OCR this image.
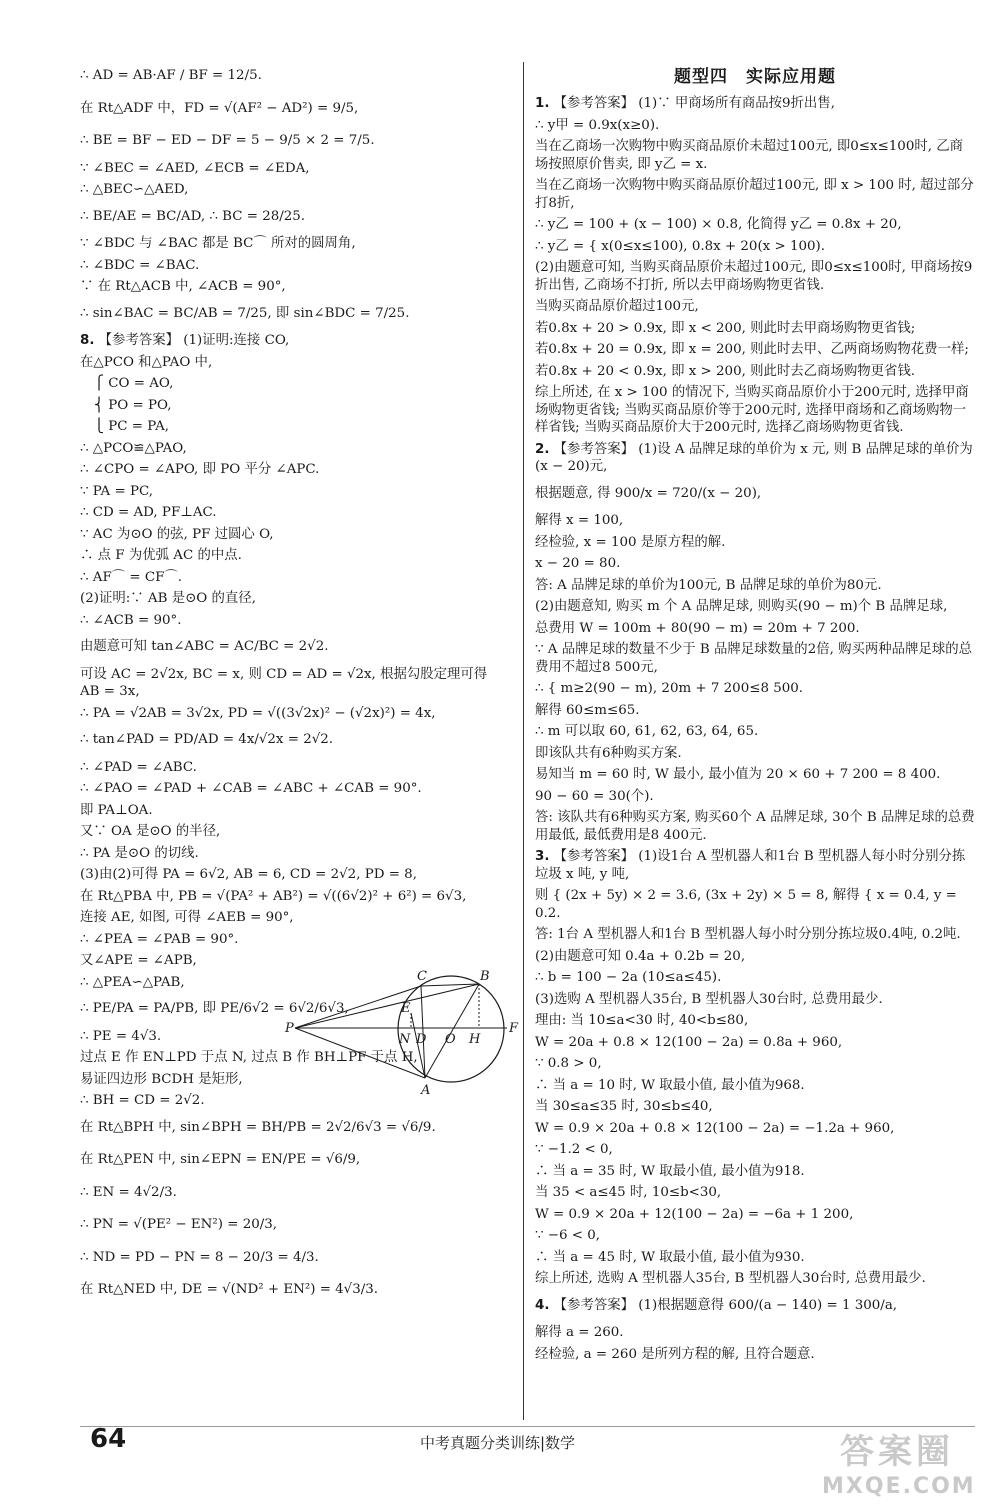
∴ AD = AB·AF / BF = 12/5.

在 Rt△ADF 中，FD = √(AF² − AD²) = 9/5,

∴ BE = BF − ED − DF = 5 − 9/5 × 2 = 7/5.

∵ ∠BEC = ∠AED, ∠ECB = ∠EDA,

∴ △BEC∽△AED,

∴ BE/AE = BC/AD, ∴ BC = 28/25.

∵ ∠BDC 与 ∠BAC 都是 BC⌒ 所对的圆周角,

∴ ∠BDC = ∠BAC.

∵ 在 Rt△ACB 中, ∠ACB = 90°,

∴ sin∠BAC = BC/AB = 7/25, 即 sin∠BDC = 7/25.

8. 【参考答案】 (1)证明:连接 CO,

在△PCO 和△PAO 中,

⎧ CO = AO,

⎨ PO = PO,

⎩ PC = PA,

∴ △PCO≌△PAO,

∴ ∠CPO = ∠APO, 即 PO 平分 ∠APC.

∵ PA = PC,

∴ CD = AD, PF⊥AC.

∵ AC 为⊙O 的弦, PF 过圆心 O,

∴ 点 F 为优弧 AC 的中点.

∴ AF⌒ = CF⌒.

(2)证明:∵ AB 是⊙O 的直径,

∴ ∠ACB = 90°.

由题意可知 tan∠ABC = AC/BC = 2√2.

可设 AC = 2√2x, BC = x, 则 CD = AD = √2x, 根据勾股定理可得 AB = 3x,

∴ PA = √2AB = 3√2x, PD = √((3√2x)² − (√2x)²) = 4x,

∴ tan∠PAD = PD/AD = 4x/√2x = 2√2.

∴ ∠PAD = ∠ABC.

∴ ∠PAO = ∠PAD + ∠CAB = ∠ABC + ∠CAB = 90°.

即 PA⊥OA.

又∵ OA 是⊙O 的半径,

∴ PA 是⊙O 的切线.

(3)由(2)可得 PA = 6√2, AB = 6, CD = 2√2, PD = 8,

在 Rt△PBA 中, PB = √(PA² + AB²) = √((6√2)² + 6²) = 6√3,

连接 AE, 如图, 可得 ∠AEB = 90°,

∴ ∠PEA = ∠PAB = 90°.

又∠APE = ∠APB,

∴ △PEA∽△PAB,

∴ PE/PA = PA/PB, 即 PE/6√2 = 6√2/6√3,

∴ PE = 4√3.

过点 E 作 EN⊥PD 于点 N, 过点 B 作 BH⊥PF 于点 H,

易证四边形 BCDH 是矩形,

∴ BH = CD = 2√2.

在 Rt△BPH 中, sin∠BPH = BH/PB = 2√2/6√3 = √6/9.

在 Rt△PEN 中, sin∠EPN = EN/PE = √6/9,

∴ EN = 4√2/3.

∴ PN = √(PE² − EN²) = 20/3,

∴ ND = PD − PN = 8 − 20/3 = 4/3.

在 Rt△NED 中, DE = √(ND² + EN²) = 4√3/3.

题型四　实际应用题

1. 【参考答案】 (1)∵ 甲商场所有商品按9折出售,

∴ y甲 = 0.9x(x≥0).

当在乙商场一次购物中购买商品原价未超过100元, 即0≤x≤100时, 乙商场按照原价售卖, 即 y乙 = x.

当在乙商场一次购物中购买商品原价超过100元, 即 x > 100 时, 超过部分打8折,

∴ y乙 = 100 + (x − 100) × 0.8, 化简得 y乙 = 0.8x + 20,

∴ y乙 = { x(0≤x≤100), 0.8x + 20(x > 100).

(2)由题意可知, 当购买商品原价未超过100元, 即0≤x≤100时, 甲商场按9折出售, 乙商场不打折, 所以去甲商场购物更省钱.

当购买商品原价超过100元,

若0.8x + 20 > 0.9x, 即 x < 200, 则此时去甲商场购物更省钱;

若0.8x + 20 = 0.9x, 即 x = 200, 则此时去甲、乙两商场购物花费一样;

若0.8x + 20 < 0.9x, 即 x > 200, 则此时去乙商场购物更省钱.

综上所述, 在 x > 100 的情况下, 当购买商品原价小于200元时, 选择甲商场购物更省钱; 当购买商品原价等于200元时, 选择甲商场和乙商场购物一样省钱; 当购买商品原价大于200元时, 选择乙商场购物更省钱.

2. 【参考答案】 (1)设 A 品牌足球的单价为 x 元, 则 B 品牌足球的单价为(x − 20)元,

根据题意, 得 900/x = 720/(x − 20),

解得 x = 100,

经检验, x = 100 是原方程的解.

x − 20 = 80.

答: A 品牌足球的单价为100元, B 品牌足球的单价为80元.

(2)由题意知, 购买 m 个 A 品牌足球, 则购买(90 − m)个 B 品牌足球,

总费用 W = 100m + 80(90 − m) = 20m + 7 200.

∵ A 品牌足球的数量不少于 B 品牌足球数量的2倍, 购买两种品牌足球的总费用不超过8 500元,

∴ { m≥2(90 − m), 20m + 7 200≤8 500.

解得 60≤m≤65.

∴ m 可以取 60, 61, 62, 63, 64, 65.

即该队共有6种购买方案.

易知当 m = 60 时, W 最小, 最小值为 20 × 60 + 7 200 = 8 400.

90 − 60 = 30(个).

答: 该队共有6种购买方案, 购买60个 A 品牌足球, 30个 B 品牌足球的总费用最低, 最低费用是8 400元.

3. 【参考答案】 (1)设1台 A 型机器人和1台 B 型机器人每小时分别分拣垃圾 x 吨, y 吨,

则 { (2x + 5y) × 2 = 3.6, (3x + 2y) × 5 = 8, 解得 { x = 0.4, y = 0.2.

答: 1台 A 型机器人和1台 B 型机器人每小时分别分拣垃圾0.4吨, 0.2吨.

(2)由题意可知 0.4a + 0.2b = 20,

∴ b = 100 − 2a (10≤a≤45).

(3)选购 A 型机器人35台, B 型机器人30台时, 总费用最少.

理由: 当 10≤a<30 时, 40<b≤80,

W = 20a + 0.8 × 12(100 − 2a) = 0.8a + 960,

∵ 0.8 > 0,

∴ 当 a = 10 时, W 取最小值, 最小值为968.

当 30≤a≤35 时, 30≤b≤40,

W = 0.9 × 20a + 0.8 × 12(100 − 2a) = −1.2a + 960,

∵ −1.2 < 0,

∴ 当 a = 35 时, W 取最小值, 最小值为918.

当 35 < a≤45 时, 10≤b<30,

W = 0.9 × 20a + 12(100 − 2a) = −6a + 1 200,

∵ −6 < 0,

∴ 当 a = 45 时, W 取最小值, 最小值为930.

综上所述, 选购 A 型机器人35台, B 型机器人30台时, 总费用最少.

4. 【参考答案】 (1)根据题意得 600/(a − 140) = 1 300/a,

解得 a = 260.

经检验, a = 260 是所列方程的解, 且符合题意.

P
C	B
E
N D O H
F
A
64	中考真题分类训练|数学	答案圈
MXQE.COM
